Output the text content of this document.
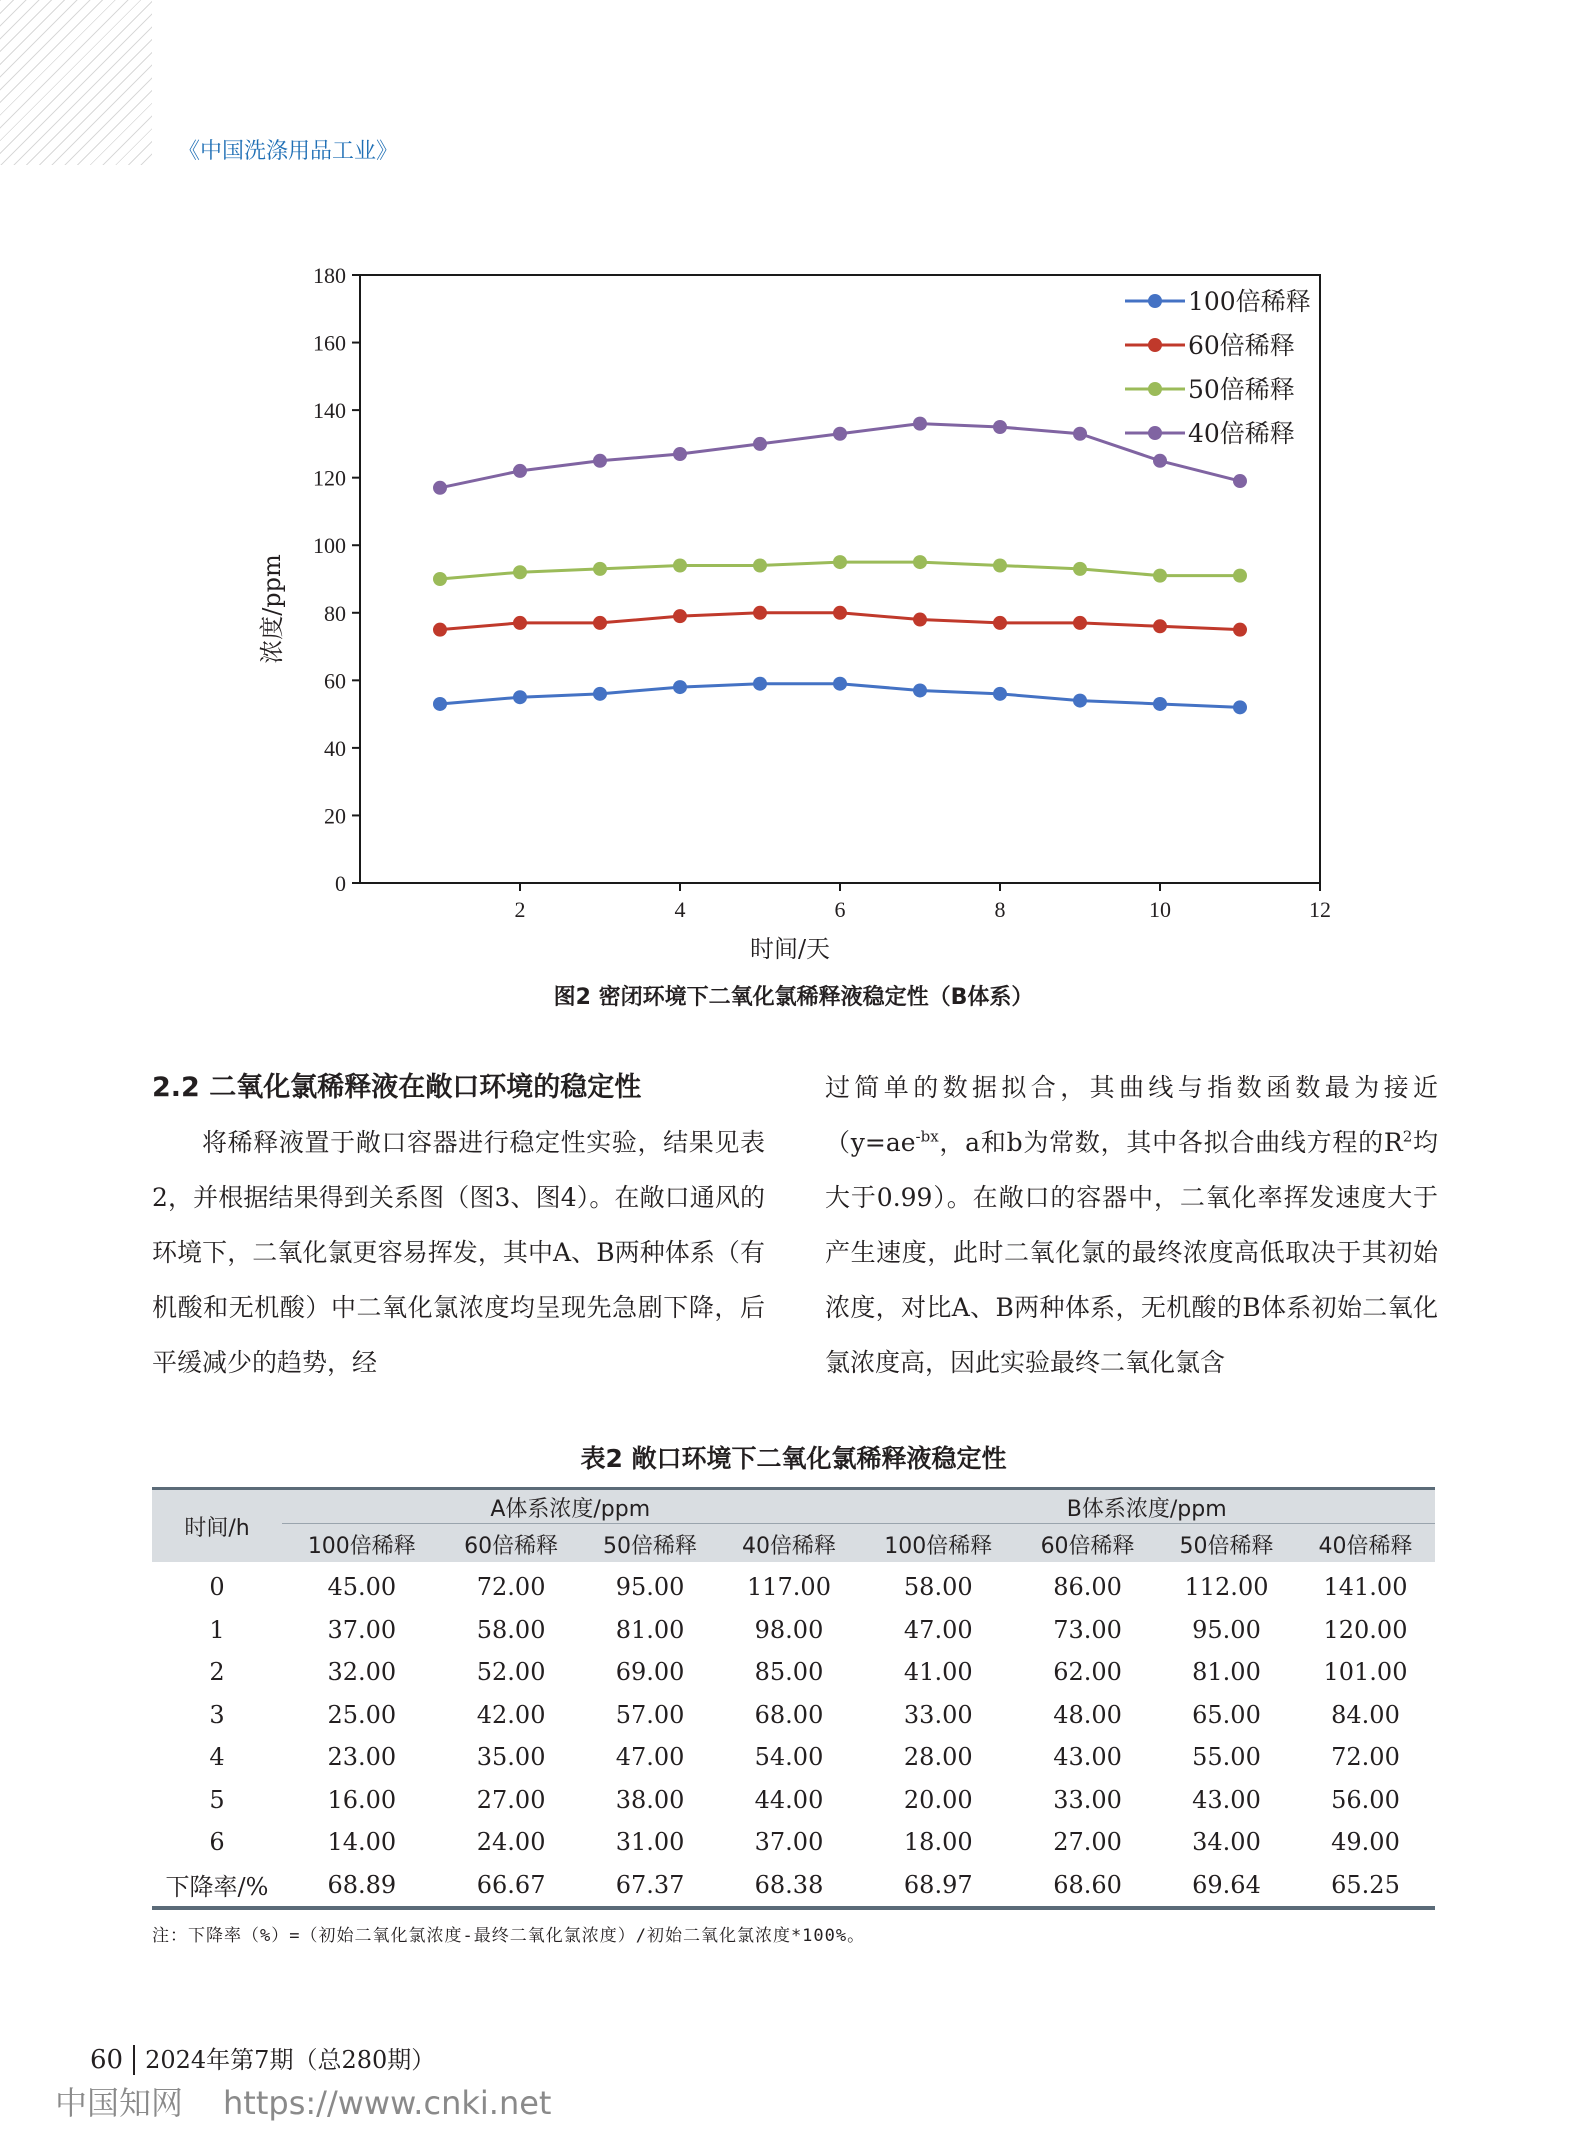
《中国洗涤用品工业》
0
20
40
60
80
100
120
140
160
180
2	4	6	8	10	12
时间/天
浓度/ppm
100倍稀释
60倍稀释
50倍稀释
40倍稀释
图2 密闭环境下二氧化氯稀释液稳定性（B体系）

2.2 二氧化氯稀释液在敞口环境的稳定性

将稀释液置于敞口容器进行稳定性实验，结果见表2，并根据结果得到关系图（图3、图4）。在敞口通风的环境下，二氧化氯更容易挥发，其中A、B两种体系（有机酸和无机酸）中二氧化氯浓度均呈现先急剧下降，后平缓减少的趋势，经

过简单的数据拟合，其曲线与指数函数最为接近（$y=ae^{-bx}$，a和b为常数，其中各拟合曲线方程的$R^2$均大于0.99）。在敞口的容器中，二氧化率挥发速度大于产生速度，此时二氧化氯的最终浓度高低取决于其初始浓度，对比A、B两种体系，无机酸的B体系初始二氧化氯浓度高，因此实验最终二氧化氯含

表2 敞口环境下二氧化氯稀释液稳定性
时间/h	A体系浓度/ppm				B体系浓度/ppm			

	100倍稀释	60倍稀释	50倍稀释	40倍稀释	100倍稀释	60倍稀释	50倍稀释	40倍稀释
0	45.00	72.00	95.00	117.00	58.00	86.00	112.00	141.00
1	37.00	58.00	81.00	98.00	47.00	73.00	95.00	120.00
2	32.00	52.00	69.00	85.00	41.00	62.00	81.00	101.00
3	25.00	42.00	57.00	68.00	33.00	48.00	65.00	84.00
4	23.00	35.00	47.00	54.00	28.00	43.00	55.00	72.00
5	16.00	27.00	38.00	44.00	20.00	33.00	43.00	56.00
6	14.00	24.00	31.00	37.00	18.00	27.00	34.00	49.00
下降率/%	68.89	66.67	67.37	68.38	68.97	68.60	69.64	65.25
注：下降率（%）=（初始二氧化氯浓度-最终二氧化氯浓度）/初始二氧化氯浓度*100%。
60 2024年第7期（总280期）
中国知网 https://www.cnki.net
